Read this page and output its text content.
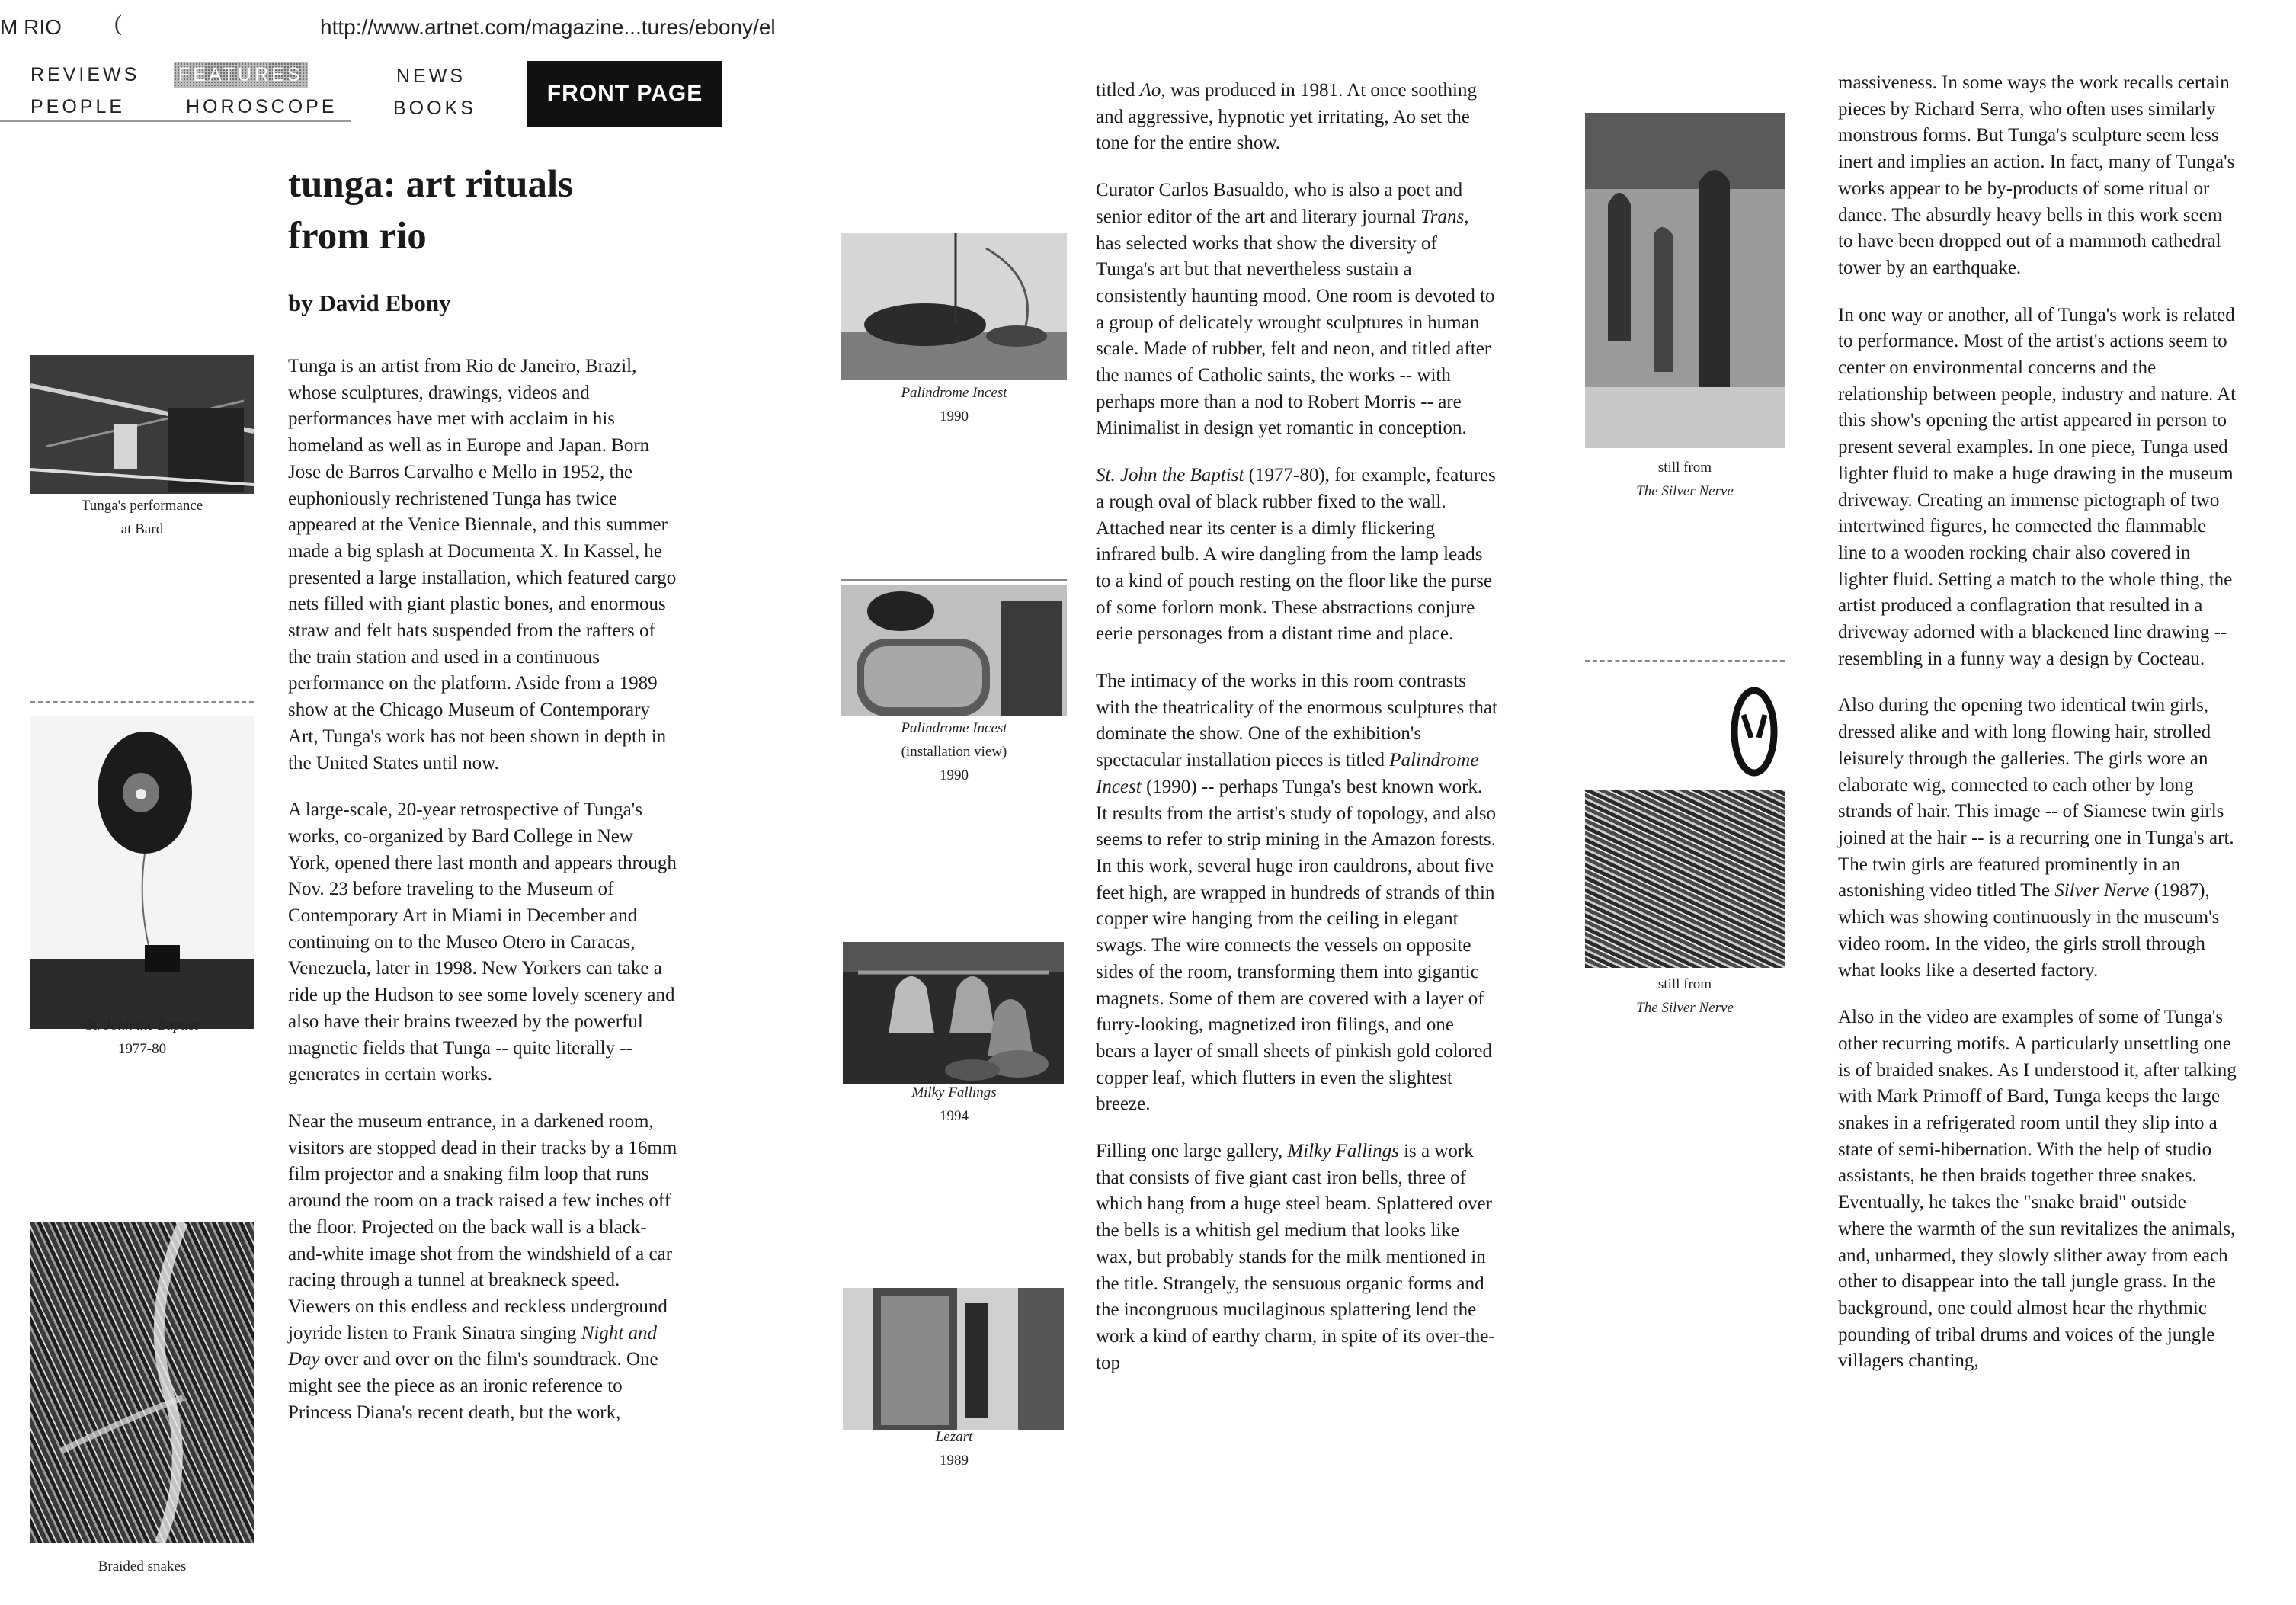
M RIO (	http://www.artnet.com/magazine...tures/ebony/el
REVIEWS FEATURES	NEWS
PEOPLE	HOROSCOPE	BOOKS
FRONT PAGE
tunga: art rituals
from rio
by David Ebony
Tunga's performance
at Bard
St. John the Baptist
1977-80
Braided snakes

Tunga is an artist from Rio de Janeiro, Brazil, whose sculptures, drawings, videos and performances have met with acclaim in his homeland as well as in Europe and Japan. Born Jose de Barros Carvalho e Mello in 1952, the euphoniously rechristened Tunga has twice appeared at the Venice Biennale, and this summer made a big splash at Documenta X. In Kassel, he presented a large installation, which featured cargo nets filled with giant plastic bones, and enormous straw and felt hats suspended from the rafters of the train station and used in a continuous performance on the platform. Aside from a 1989 show at the Chicago Museum of Contemporary Art, Tunga's work has not been shown in depth in the United States until now.

A large-scale, 20-year retrospective of Tunga's works, co-organized by Bard College in New York, opened there last month and appears through Nov. 23 before traveling to the Museum of Contemporary Art in Miami in December and continuing on to the Museo Otero in Caracas, Venezuela, later in 1998. New Yorkers can take a ride up the Hudson to see some lovely scenery and also have their brains tweezed by the powerful magnetic fields that Tunga -- quite literally -- generates in certain works.

Near the museum entrance, in a darkened room, visitors are stopped dead in their tracks by a 16mm film projector and a snaking film loop that runs around the room on a track raised a few inches off the floor. Projected on the back wall is a black-and-white image shot from the windshield of a car racing through a tunnel at breakneck speed. Viewers on this endless and reckless underground joyride listen to Frank Sinatra singing Night and Day over and over on the film's soundtrack. One might see the piece as an ironic reference to Princess Diana's recent death, but the work,

Palindrome Incest
1990
Palindrome Incest
(installation view)
1990
Milky Fallings
1994
Lezart
1989

titled Ao, was produced in 1981. At once soothing and aggressive, hypnotic yet irritating, Ao set the tone for the entire show.

Curator Carlos Basualdo, who is also a poet and senior editor of the art and literary journal Trans, has selected works that show the diversity of Tunga's art but that nevertheless sustain a consistently haunting mood. One room is devoted to a group of delicately wrought sculptures in human scale. Made of rubber, felt and neon, and titled after the names of Catholic saints, the works -- with perhaps more than a nod to Robert Morris -- are Minimalist in design yet romantic in conception.

St. John the Baptist (1977-80), for example, features a rough oval of black rubber fixed to the wall. Attached near its center is a dimly flickering infrared bulb. A wire dangling from the lamp leads to a kind of pouch resting on the floor like the purse of some forlorn monk. These abstractions conjure eerie personages from a distant time and place.

The intimacy of the works in this room contrasts with the theatricality of the enormous sculptures that dominate the show. One of the exhibition's spectacular installation pieces is titled Palindrome Incest (1990) -- perhaps Tunga's best known work. It results from the artist's study of topology, and also seems to refer to strip mining in the Amazon forests. In this work, several huge iron cauldrons, about five feet high, are wrapped in hundreds of strands of thin copper wire hanging from the ceiling in elegant swags. The wire connects the vessels on opposite sides of the room, transforming them into gigantic magnets. Some of them are covered with a layer of furry-looking, magnetized iron filings, and one bears a layer of small sheets of pinkish gold colored copper leaf, which flutters in even the slightest breeze.

Filling one large gallery, Milky Fallings is a work that consists of five giant cast iron bells, three of which hang from a huge steel beam. Splattered over the bells is a whitish gel medium that looks like wax, but probably stands for the milk mentioned in the title. Strangely, the sensuous organic forms and the incongruous mucilaginous splattering lend the work a kind of earthy charm, in spite of its over-the-top

still from
The Silver Nerve
still from
The Silver Nerve

massiveness. In some ways the work recalls certain pieces by Richard Serra, who often uses similarly monstrous forms. But Tunga's sculpture seem less inert and implies an action. In fact, many of Tunga's works appear to be by-products of some ritual or dance. The absurdly heavy bells in this work seem to have been dropped out of a mammoth cathedral tower by an earthquake.

In one way or another, all of Tunga's work is related to performance. Most of the artist's actions seem to center on environmental concerns and the relationship between people, industry and nature. At this show's opening the artist appeared in person to present several examples. In one piece, Tunga used lighter fluid to make a huge drawing in the museum driveway. Creating an immense pictograph of two intertwined figures, he connected the flammable line to a wooden rocking chair also covered in lighter fluid. Setting a match to the whole thing, the artist produced a conflagration that resulted in a driveway adorned with a blackened line drawing -- resembling in a funny way a design by Cocteau.

Also during the opening two identical twin girls, dressed alike and with long flowing hair, strolled leisurely through the galleries. The girls wore an elaborate wig, connected to each other by long strands of hair. This image -- of Siamese twin girls joined at the hair -- is a recurring one in Tunga's art. The twin girls are featured prominently in an astonishing video titled The Silver Nerve (1987), which was showing continuously in the museum's video room. In the video, the girls stroll through what looks like a deserted factory.

Also in the video are examples of some of Tunga's other recurring motifs. A particularly unsettling one is of braided snakes. As I understood it, after talking with Mark Primoff of Bard, Tunga keeps the large snakes in a refrigerated room until they slip into a state of semi-hibernation. With the help of studio assistants, he then braids together three snakes. Eventually, he takes the "snake braid" outside where the warmth of the sun revitalizes the animals, and, unharmed, they slowly slither away from each other to disappear into the tall jungle grass. In the background, one could almost hear the rhythmic pounding of tribal drums and voices of the jungle villagers chanting,
